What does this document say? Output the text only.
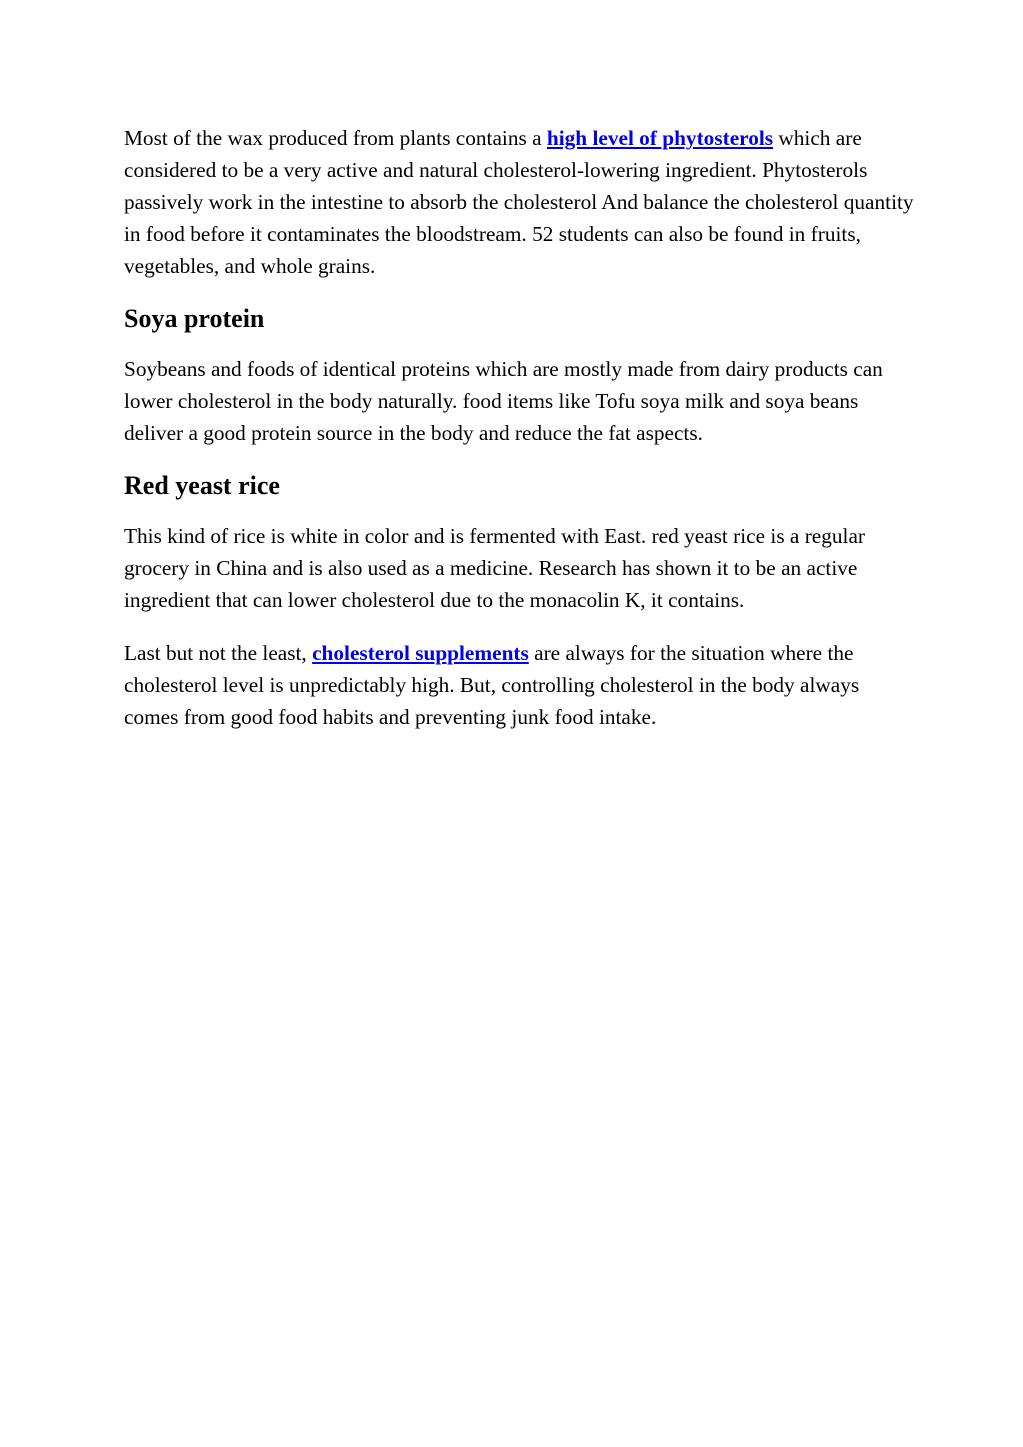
Most of the wax produced from plants contains a high level of phytosterols which are considered to be a very active and natural cholesterol-lowering ingredient. Phytosterols passively work in the intestine to absorb the cholesterol And balance the cholesterol quantity in food before it contaminates the bloodstream. 52 students can also be found in fruits, vegetables, and whole grains.

Soya protein

Soybeans and foods of identical proteins which are mostly made from dairy products can lower cholesterol in the body naturally. food items like Tofu soya milk and soya beans deliver a good protein source in the body and reduce the fat aspects.

Red yeast rice

This kind of rice is white in color and is fermented with East. red yeast rice is a regular grocery in China and is also used as a medicine. Research has shown it to be an active ingredient that can lower cholesterol due to the monacolin K, it contains.

Last but not the least, cholesterol supplements are always for the situation where the cholesterol level is unpredictably high. But, controlling cholesterol in the body always comes from good food habits and preventing junk food intake.
